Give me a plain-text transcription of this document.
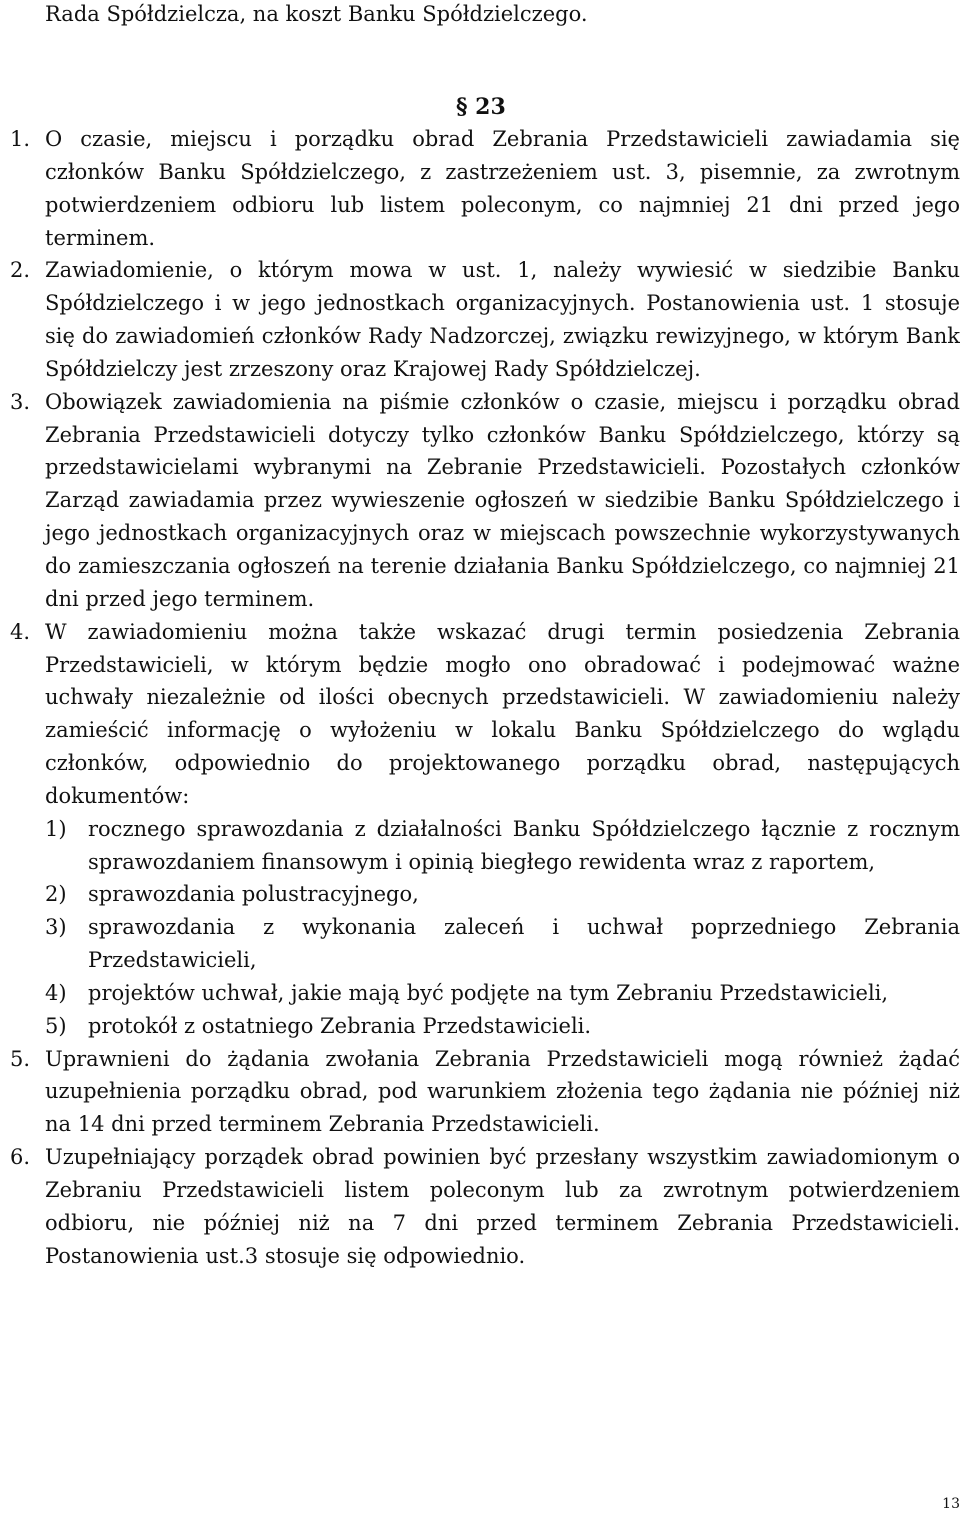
Rada Spółdzielcza, na koszt Banku Spółdzielczego.
§ 23
1. O czasie, miejscu i porządku obrad Zebrania Przedstawicieli zawiadamia się członków Banku Spółdzielczego, z zastrzeżeniem ust. 3, pisemnie, za zwrotnym potwierdzeniem odbioru lub listem poleconym, co najmniej 21 dni przed jego terminem.
2. Zawiadomienie, o którym mowa w ust. 1, należy wywiesić w siedzibie Banku Spółdzielczego i w jego jednostkach organizacyjnych. Postanowienia ust. 1 stosuje się do zawiadomień członków Rady Nadzorczej, związku rewizyjnego, w którym Bank Spółdzielczy jest zrzeszony oraz Krajowej Rady Spółdzielczej.
3. Obowiązek zawiadomienia na piśmie członków o czasie, miejscu i porządku obrad Zebrania Przedstawicieli dotyczy tylko członków Banku Spółdzielczego, którzy są przedstawicielami wybranymi na Zebranie Przedstawicieli. Pozostałych członków Zarząd zawiadamia przez wywieszenie ogłoszeń w siedzibie Banku Spółdzielczego i jego jednostkach organizacyjnych oraz w miejscach powszechnie wykorzystywanych do zamieszczania ogłoszeń na terenie działania Banku Spółdzielczego, co najmniej 21 dni przed jego terminem.
4. W zawiadomieniu można także wskazać drugi termin posiedzenia Zebrania Przedstawicieli, w którym będzie mogło ono obradować i podejmować ważne uchwały niezależnie od ilości obecnych przedstawicieli. W zawiadomieniu należy zamieścić informację o wyłożeniu w lokalu Banku Spółdzielczego do wglądu członków, odpowiednio do projektowanego porządku obrad, następujących dokumentów:
1) rocznego sprawozdania z działalności Banku Spółdzielczego łącznie z rocznym sprawozdaniem finansowym i opinią biegłego rewidenta wraz z raportem,
2) sprawozdania polustracyjnego,
3) sprawozdania z wykonania zaleceń i uchwał poprzedniego Zebrania Przedstawicieli,
4) projektów uchwał, jakie mają być podjęte na tym Zebraniu Przedstawicieli,
5) protokół z ostatniego Zebrania Przedstawicieli.
5. Uprawnieni do żądania zwołania Zebrania Przedstawicieli mogą również żądać uzupełnienia porządku obrad, pod warunkiem złożenia tego żądania nie później niż na 14 dni przed terminem Zebrania Przedstawicieli.
6. Uzupełniający porządek obrad powinien być przesłany wszystkim zawiadomionym o Zebraniu Przedstawicieli listem poleconym lub za zwrotnym potwierdzeniem odbioru, nie później niż na 7 dni przed terminem Zebrania Przedstawicieli. Postanowienia ust.3 stosuje się odpowiednio.
13
